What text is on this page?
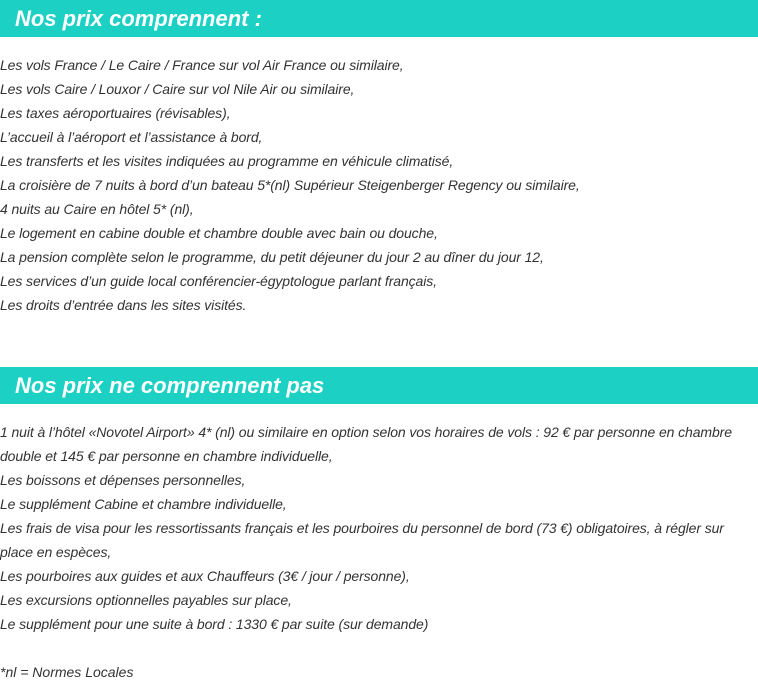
Nos prix comprennent :
Les vols France / Le Caire / France sur vol Air France ou similaire,
Les vols Caire / Louxor / Caire sur vol Nile Air ou similaire,
Les taxes aéroportuaires (révisables),
L’accueil à l’aéroport et l’assistance à bord,
Les transferts et les visites indiquées au programme en véhicule climatisé,
La croisière de 7 nuits à bord d’un bateau 5*(nl) Supérieur Steigenberger Regency ou similaire,
4 nuits au Caire en hôtel 5* (nl),
Le logement en cabine double et chambre double avec bain ou douche,
La pension complète selon le programme, du petit déjeuner du jour 2 au dîner du jour 12,
Les services d’un guide local conférencier-égyptologue parlant français,
Les droits d’entrée dans les sites visités.
Nos prix ne comprennent pas
1 nuit à l’hôtel «Novotel Airport» 4* (nl) ou similaire en option selon vos horaires de vols : 92 € par personne en chambre double et 145 € par personne en chambre individuelle,
Les boissons et dépenses personnelles,
Le supplément Cabine et chambre individuelle,
Les frais de visa pour les ressortissants français et les pourboires du personnel de bord (73 €) obligatoires, à régler sur place en espèces,
Les pourboires aux guides et aux Chauffeurs (3€ / jour / personne),
Les excursions optionnelles payables sur place,
Le supplément pour une suite à bord : 1330 € par suite (sur demande)
*nl = Normes Locales
